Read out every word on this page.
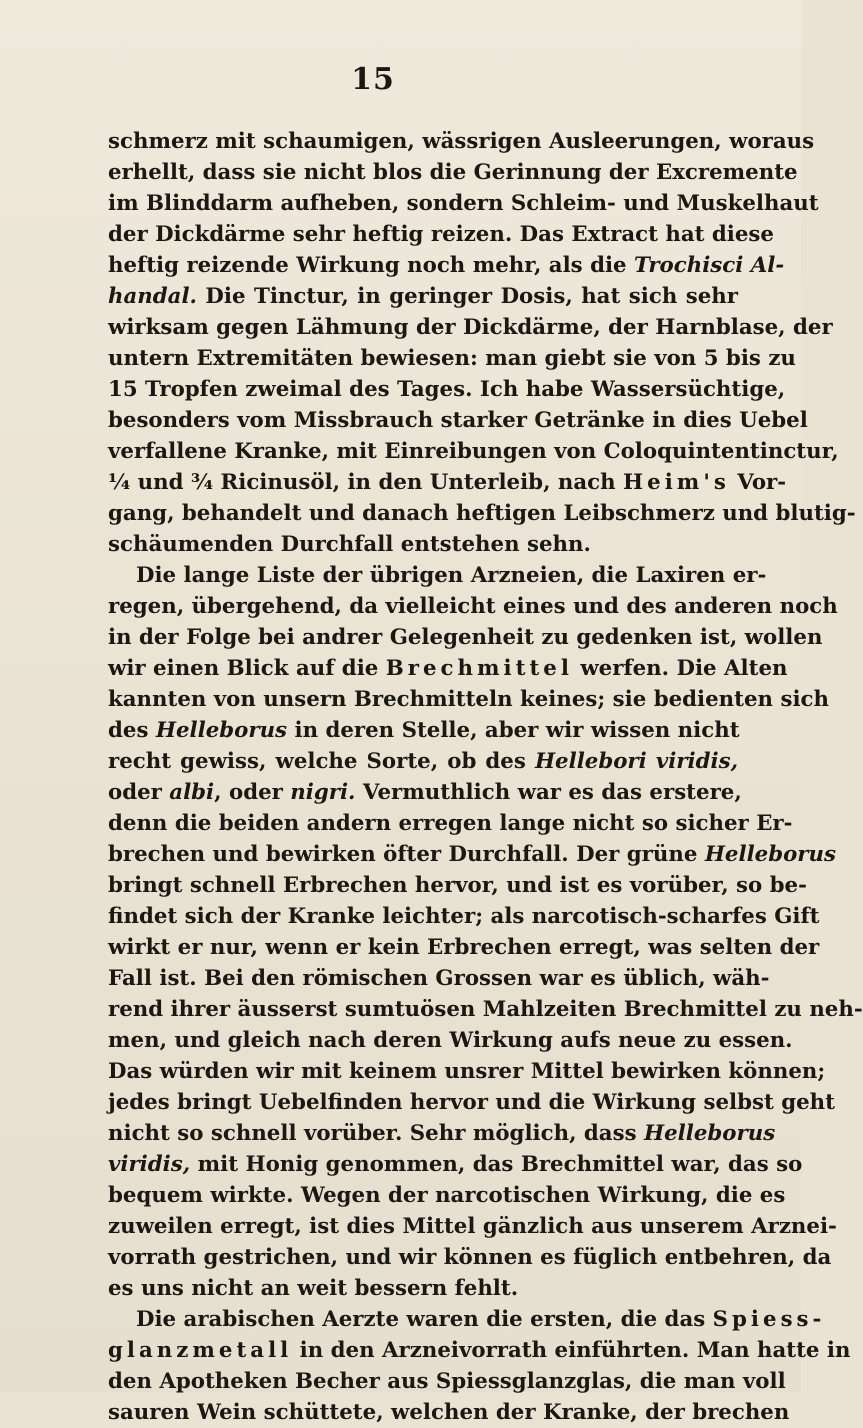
15
schmerz mit schaumigen, wässrigen Ausleerungen, woraus
erhellt, dass sie nicht blos die Gerinnung der Excremente
im Blinddarm aufheben, sondern Schleim- und Muskelhaut
der Dickdärme sehr heftig reizen. Das Extract hat diese
heftig reizende Wirkung noch mehr, als die Trochisci Al-
handal. Die Tinctur, in geringer Dosis, hat sich sehr
wirksam gegen Lähmung der Dickdärme, der Harnblase, der
untern Extremitäten bewiesen: man giebt sie von 5 bis zu
15 Tropfen zweimal des Tages. Ich habe Wassersüchtige,
besonders vom Missbrauch starker Getränke in dies Uebel
verfallene Kranke, mit Einreibungen von Coloquintentinctur,
¼ und ¾ Ricinusöl, in den Unterleib, nach Heim's Vor-
gang, behandelt und danach heftigen Leibschmerz und blutig-
schäumenden Durchfall entstehen sehn.
Die lange Liste der übrigen Arzneien, die Laxiren er-
regen, übergehend, da vielleicht eines und des anderen noch
in der Folge bei andrer Gelegenheit zu gedenken ist, wollen
wir einen Blick auf die Brechmittel werfen. Die Alten
kannten von unsern Brechmitteln keines; sie bedienten sich
des Helleborus in deren Stelle, aber wir wissen nicht
recht gewiss, welche Sorte, ob des Hellebori viridis,
oder albi, oder nigri. Vermuthlich war es das erstere,
denn die beiden andern erregen lange nicht so sicher Er-
brechen und bewirken öfter Durchfall. Der grüne Helleborus
bringt schnell Erbrechen hervor, und ist es vorüber, so be-
findet sich der Kranke leichter; als narcotisch-scharfes Gift
wirkt er nur, wenn er kein Erbrechen erregt, was selten der
Fall ist. Bei den römischen Grossen war es üblich, wäh-
rend ihrer äusserst sumtuösen Mahlzeiten Brechmittel zu neh-
men, und gleich nach deren Wirkung aufs neue zu essen.
Das würden wir mit keinem unsrer Mittel bewirken können;
jedes bringt Uebelfinden hervor und die Wirkung selbst geht
nicht so schnell vorüber. Sehr möglich, dass Helleborus
viridis, mit Honig genommen, das Brechmittel war, das so
bequem wirkte. Wegen der narcotischen Wirkung, die es
zuweilen erregt, ist dies Mittel gänzlich aus unserem Arznei-
vorrath gestrichen, und wir können es füglich entbehren, da
es uns nicht an weit bessern fehlt.
Die arabischen Aerzte waren die ersten, die das Spiess-
glanzmetall in den Arzneivorrath einführten. Man hatte in
den Apotheken Becher aus Spiessglanzglas, die man voll
sauren Wein schüttete, welchen der Kranke, der brechen
